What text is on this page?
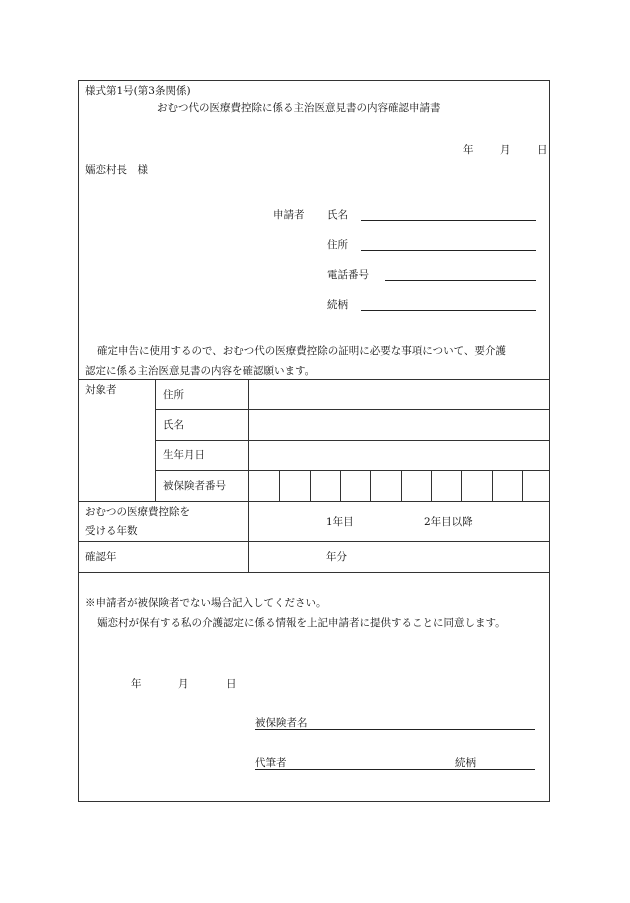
様式第1号(第3条関係)
おむつ代の医療費控除に係る主治医意見書の内容確認申請書
年	月	日
嬬恋村長　様
申請者 氏名
住所
電話番号
続柄
確定申告に使用するので、おむつ代の医療費控除の証明に必要な事項について、要介護
認定に係る主治医意見書の内容を確認願います。
対象者	住所
氏名
生年月日
被保険者番号
おむつの医療費控除を
受ける年数
1年目	2年目以降
確認年	年分
※申請者が被保険者でない場合記入してください。
嬬恋村が保有する私の介護認定に係る情報を上記申請者に提供することに同意します。
年	月	日
被保険者名
代筆者	続柄
